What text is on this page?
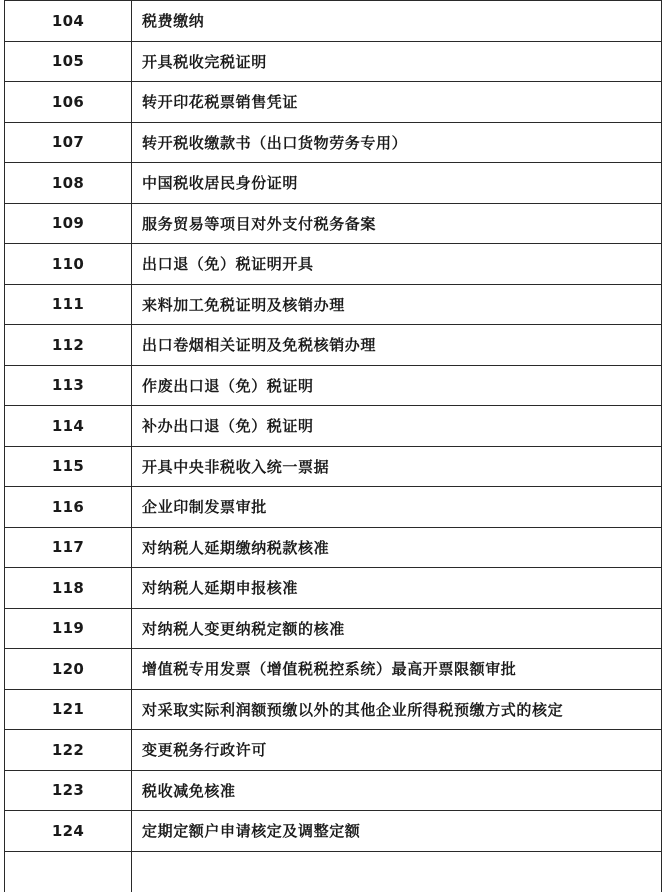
104	税费缴纳
105	开具税收完税证明
106	转开印花税票销售凭证
107	转开税收缴款书（出口货物劳务专用）
108	中国税收居民身份证明
109	服务贸易等项目对外支付税务备案
110	出口退（免）税证明开具
111	来料加工免税证明及核销办理
112	出口卷烟相关证明及免税核销办理
113	作废出口退（免）税证明
114	补办出口退（免）税证明
115	开具中央非税收入统一票据
116	企业印制发票审批
117	对纳税人延期缴纳税款核准
118	对纳税人延期申报核准
119	对纳税人变更纳税定额的核准
120	增值税专用发票（增值税税控系统）最高开票限额审批
121	对采取实际利润额预缴以外的其他企业所得税预缴方式的核定
122	变更税务行政许可
123	税收减免核准
124	定期定额户申请核定及调整定额
